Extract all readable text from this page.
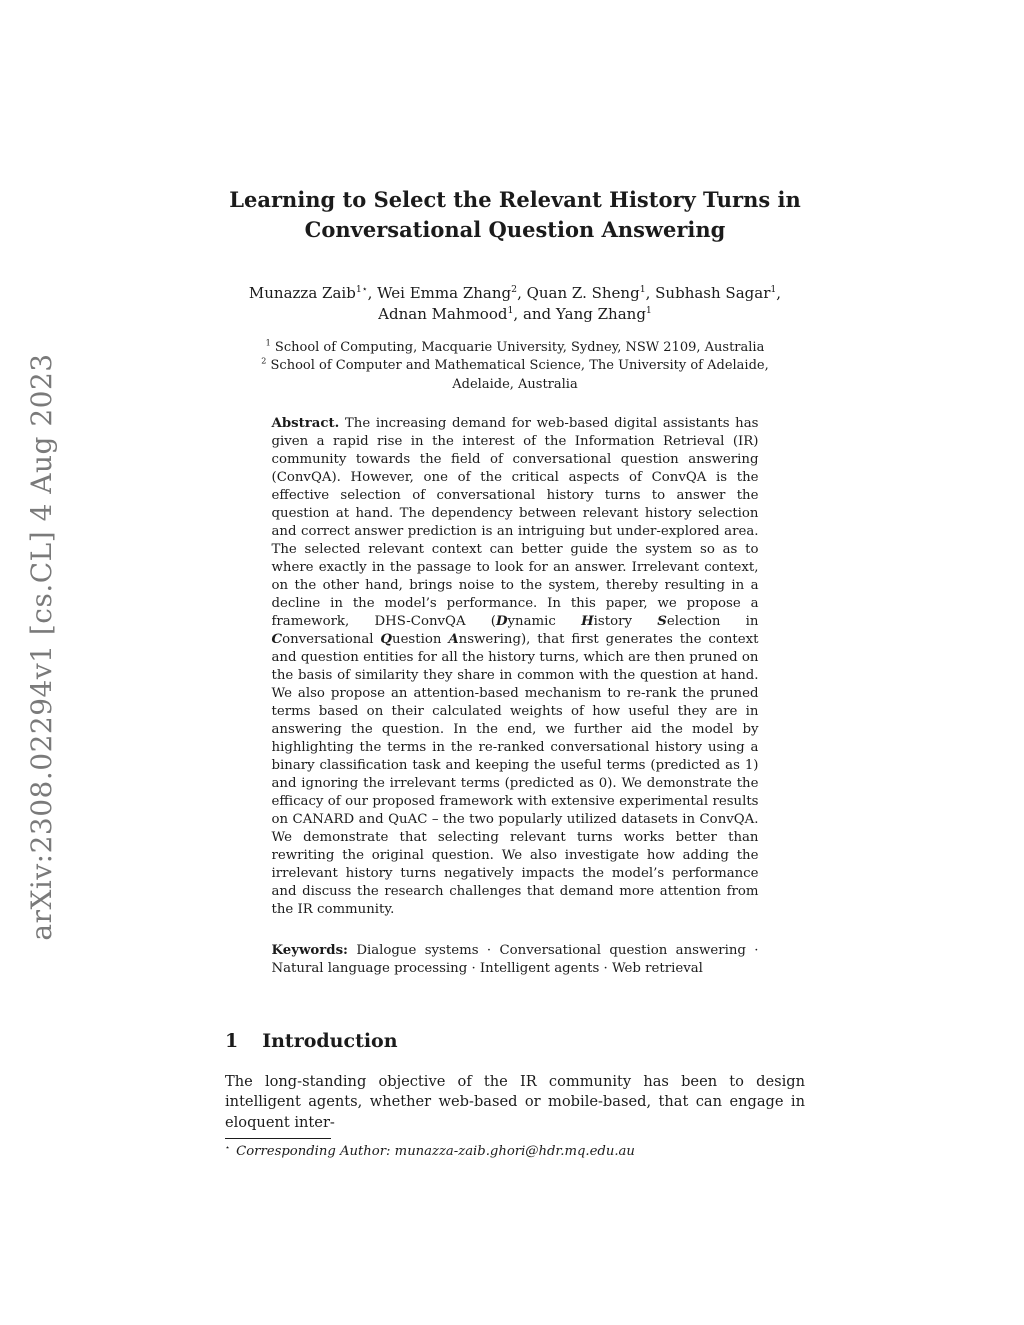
arXiv:2308.02294v1 [cs.CL] 4 Aug 2023
Learning to Select the Relevant History Turns in Conversational Question Answering
Munazza Zaib$^{1⋆}$, Wei Emma Zhang$^2$, Quan Z. Sheng$^1$, Subhash Sagar$^1$, Adnan Mahmood$^1$, and Yang Zhang$^1$
$^1$ School of Computing, Macquarie University, Sydney, NSW 2109, Australia
$^2$ School of Computer and Mathematical Science, The University of Adelaide, Adelaide, Australia
Abstract. The increasing demand for web-based digital assistants has given a rapid rise in the interest of the Information Retrieval (IR) community towards the field of conversational question answering (ConvQA). However, one of the critical aspects of ConvQA is the effective selection of conversational history turns to answer the question at hand. The dependency between relevant history selection and correct answer prediction is an intriguing but under-explored area. The selected relevant context can better guide the system so as to where exactly in the passage to look for an answer. Irrelevant context, on the other hand, brings noise to the system, thereby resulting in a decline in the model’s performance. In this paper, we propose a framework, DHS-ConvQA (Dynamic History Selection in Conversational Question Answering), that first generates the context and question entities for all the history turns, which are then pruned on the basis of similarity they share in common with the question at hand. We also propose an attention-based mechanism to re-rank the pruned terms based on their calculated weights of how useful they are in answering the question. In the end, we further aid the model by highlighting the terms in the re-ranked conversational history using a binary classification task and keeping the useful terms (predicted as 1) and ignoring the irrelevant terms (predicted as 0). We demonstrate the efficacy of our proposed framework with extensive experimental results on CANARD and QuAC – the two popularly utilized datasets in ConvQA. We demonstrate that selecting relevant turns works better than rewriting the original question. We also investigate how adding the irrelevant history turns negatively impacts the model’s performance and discuss the research challenges that demand more attention from the IR community.
Keywords: Dialogue systems · Conversational question answering · Natural language processing · Intelligent agents · Web retrieval
1 Introduction

The long-standing objective of the IR community has been to design intelligent agents, whether web-based or mobile-based, that can engage in eloquent inter-

⋆ Corresponding Author: munazza-zaib.ghori@hdr.mq.edu.au
